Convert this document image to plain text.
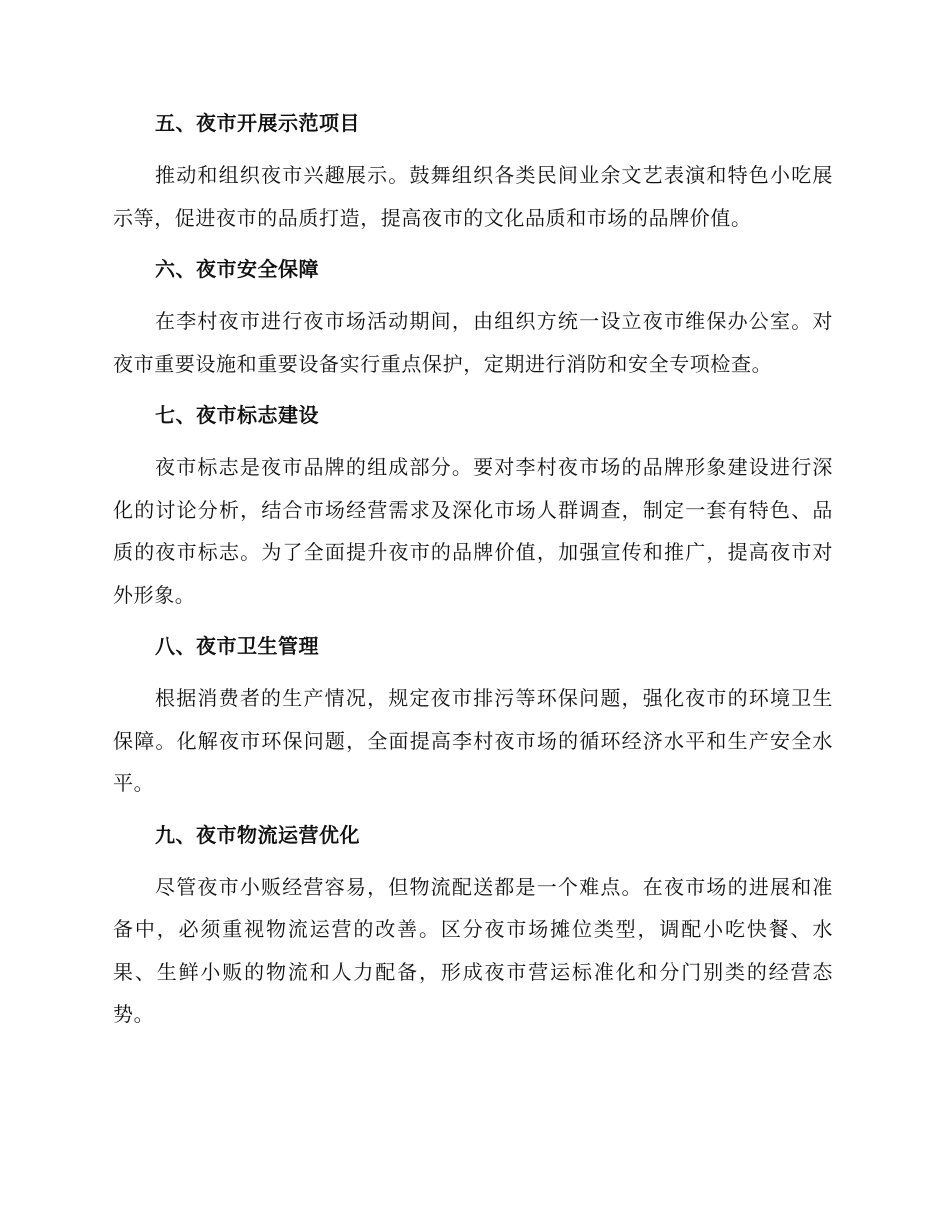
五、夜市开展示范项目

推动和组织夜市兴趣展示。鼓舞组织各类民间业余文艺表演和特色小吃展示等，促进夜市的品质打造，提高夜市的文化品质和市场的品牌价值。

六、夜市安全保障

在李村夜市进行夜市场活动期间，由组织方统一设立夜市维保办公室。对夜市重要设施和重要设备实行重点保护，定期进行消防和安全专项检查。

七、夜市标志建设

夜市标志是夜市品牌的组成部分。要对李村夜市场的品牌形象建设进行深化的讨论分析，结合市场经营需求及深化市场人群调查，制定一套有特色、品质的夜市标志。为了全面提升夜市的品牌价值，加强宣传和推广，提高夜市对外形象。

八、夜市卫生管理

根据消费者的生产情况，规定夜市排污等环保问题，强化夜市的环境卫生保障。化解夜市环保问题，全面提高李村夜市场的循环经济水平和生产安全水平。

九、夜市物流运营优化

尽管夜市小贩经营容易，但物流配送都是一个难点。在夜市场的进展和准备中，必须重视物流运营的改善。区分夜市场摊位类型，调配小吃快餐、水果、生鲜小贩的物流和人力配备，形成夜市营运标准化和分门别类的经营态势。
